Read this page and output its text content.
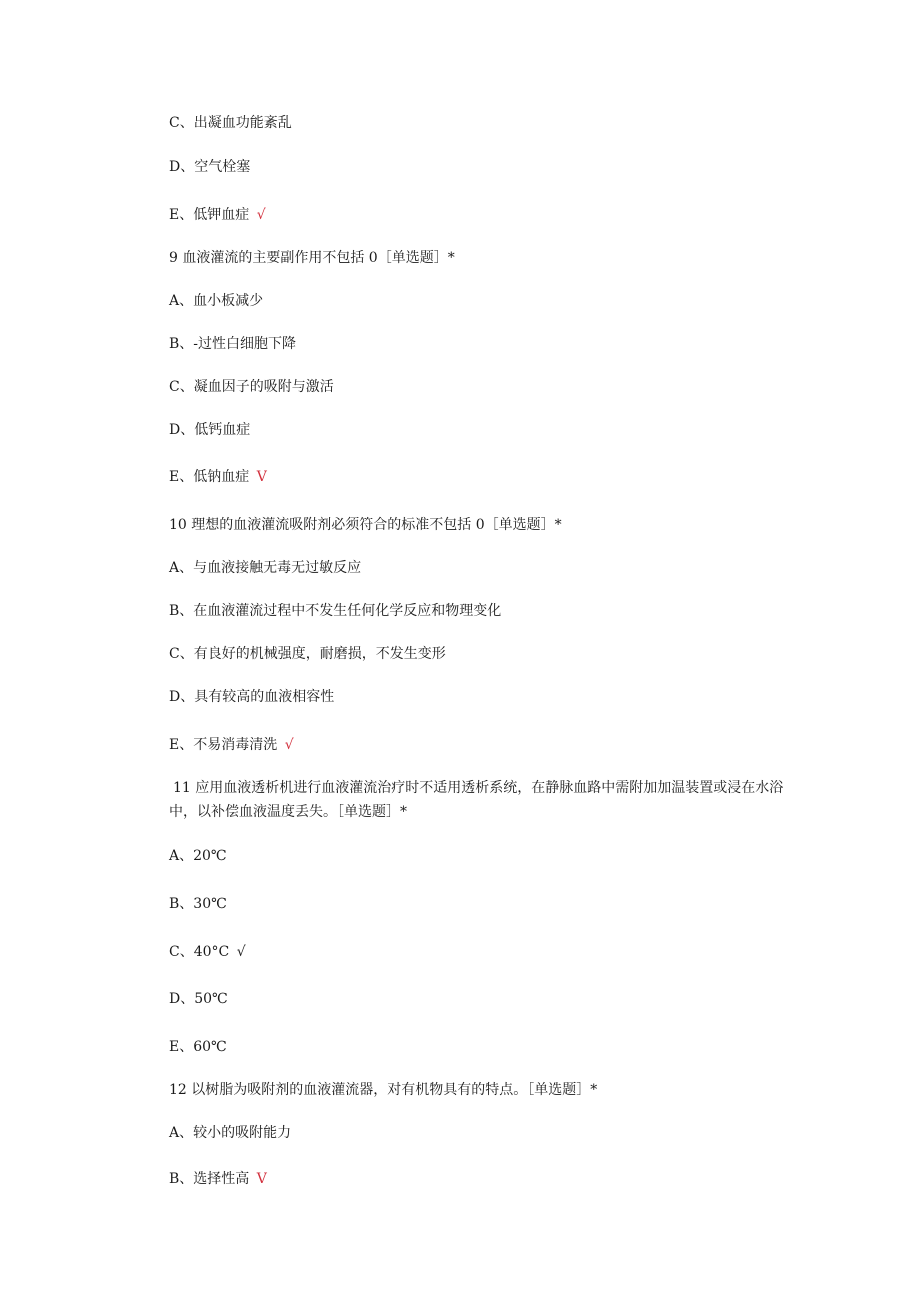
C、出凝血功能紊乱
D、空气栓塞
E、低钾血症 √
9 血液灌流的主要副作用不包括 0［单选题］*
A、血小板减少
B、-过性白细胞下降
C、凝血因子的吸附与激活
D、低钙血症
E、低钠血症 V
10 理想的血液灌流吸附剂必须符合的标准不包括 0［单选题］*
A、与血液接触无毒无过敏反应
B、在血液灌流过程中不发生任何化学反应和物理变化
C、有良好的机械强度，耐磨损，不发生变形
D、具有较高的血液相容性
E、不易消毒清洗 √
11 应用血液透析机进行血液灌流治疗时不适用透析系统，在静脉血路中需附加加温装置或浸在水浴中，以补偿血液温度丢失。［单选题］*
A、20℃
B、30℃
C、40°C √
D、50℃
E、60℃
12 以树脂为吸附剂的血液灌流器，对有机物具有的特点。［单选题］*
A、较小的吸附能力
B、选择性高 V
